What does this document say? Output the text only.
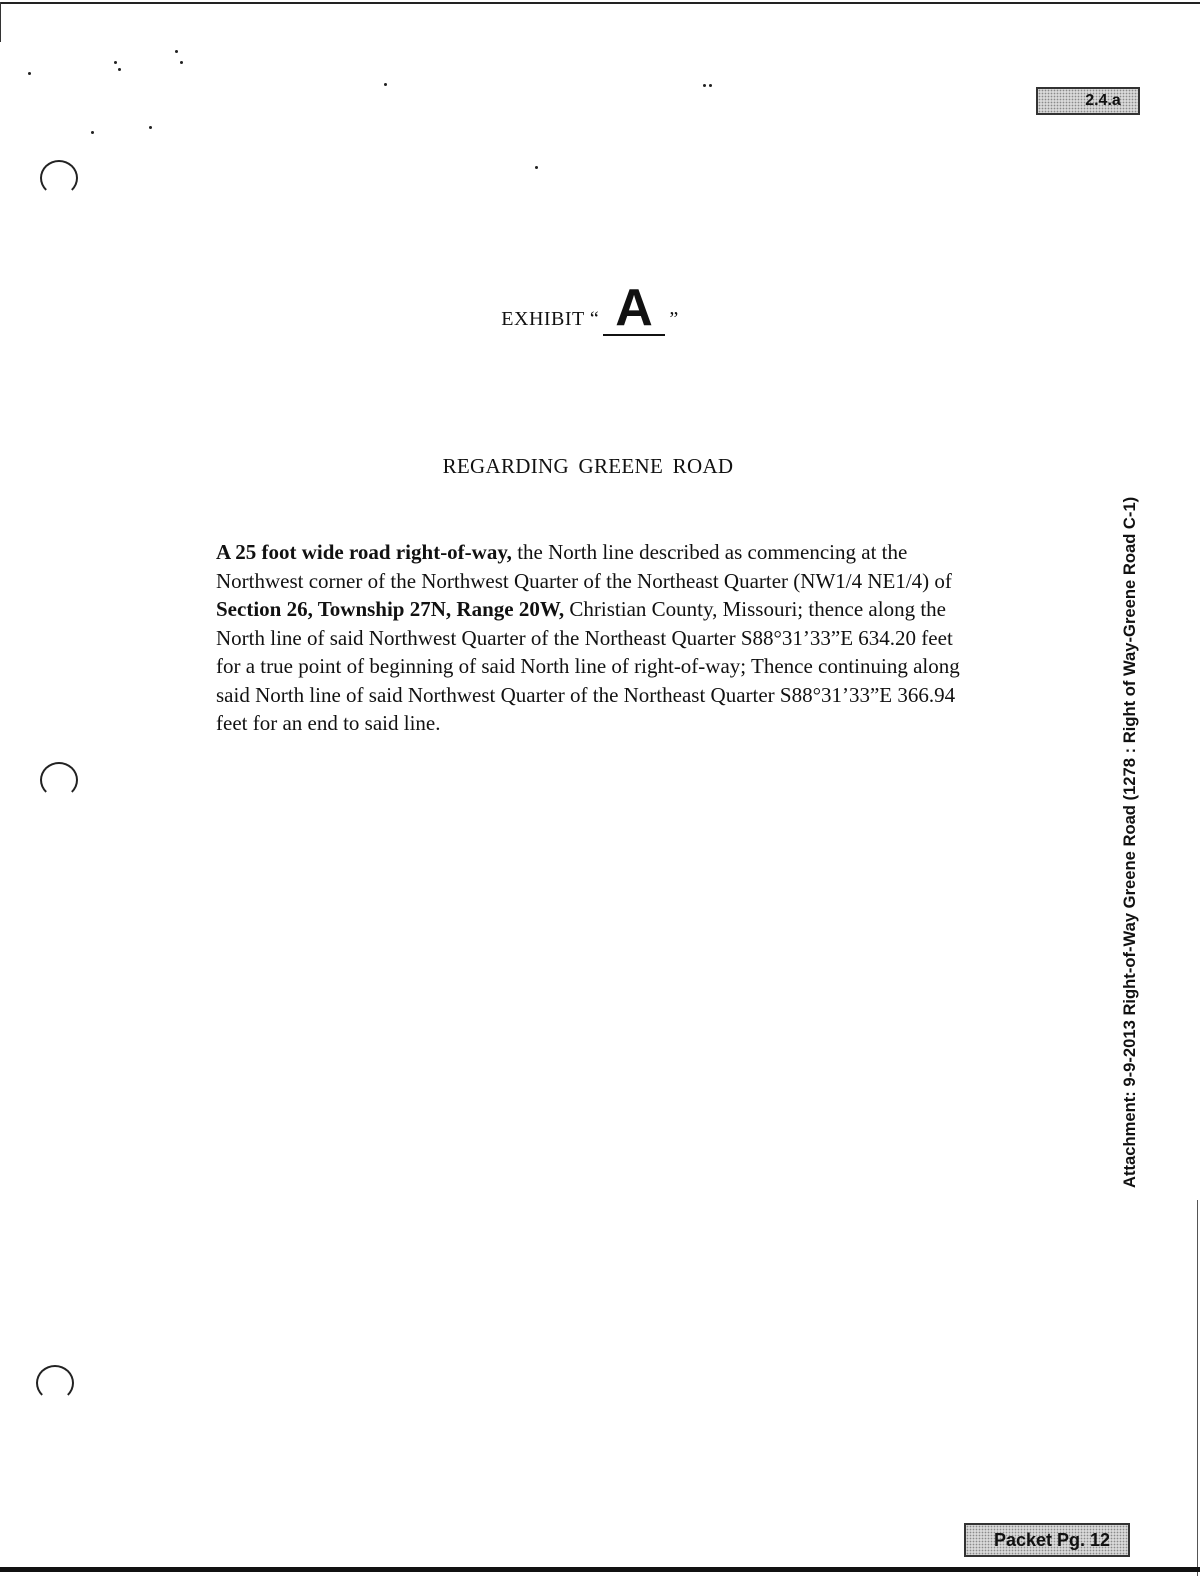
2.4.a
EXHIBIT “ A ”
REGARDING GREENE ROAD

A 25 foot wide road right-of-way, the North line described as commencing at the Northwest corner of the Northwest Quarter of the Northeast Quarter (NW1/4 NE1/4) of Section 26, Township 27N, Range 20W, Christian County, Missouri; thence along the North line of said Northwest Quarter of the Northeast Quarter S88°31’33”E 634.20 feet for a true point of beginning of said North line of right-of-way; Thence continuing along said North line of said Northwest Quarter of the Northeast Quarter S88°31’33”E 366.94 feet for an end to said line.	Attachment: 9-9-2013 Right-of-Way Greene Road (1278 : Right of Way-Greene Road C-1)
Packet Pg. 12
